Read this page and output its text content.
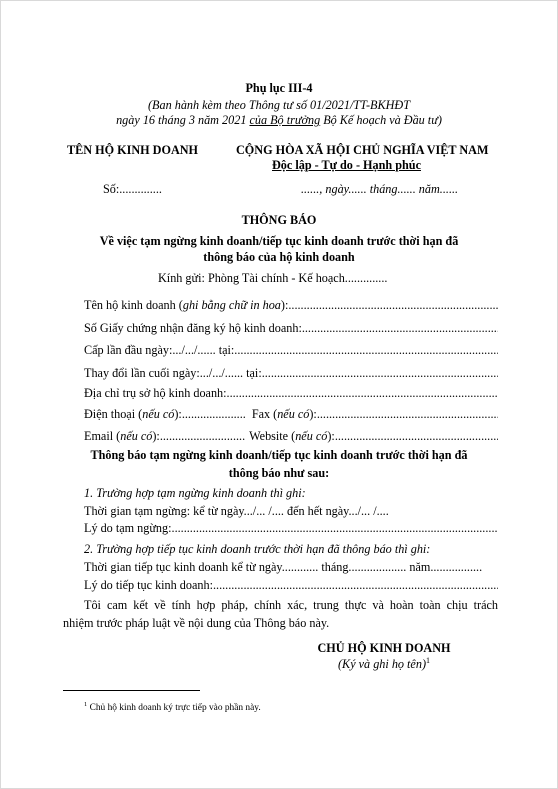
Phụ lục III-4
(Ban hành kèm theo Thông tư số 01/2021/TT-BKHĐT
ngày 16 tháng 3 năm 2021 của Bộ trưởng Bộ Kế hoạch và Đầu tư)
TÊN HỘ KINH DOANH
Số:..............
CỘNG HÒA XÃ HỘI CHỦ NGHĨA VIỆT NAM
Độc lập - Tự do - Hạnh phúc
......, ngày...... tháng...... năm......
THÔNG BÁO
Về việc tạm ngừng kinh doanh/tiếp tục kinh doanh trước thời hạn đã
thông báo của hộ kinh doanh
Kính gửi: Phòng Tài chính - Kế hoạch..............
Tên hộ kinh doanh (ghi bằng chữ in hoa):
.....
Số Giấy chứng nhận đăng ký hộ kinh doanh:
.....
Cấp lần đầu ngày:.../.../...... tại:
.....
Thay đổi lần cuối ngày:.../.../...... tại:
.....
Địa chỉ trụ sở hộ kinh doanh:
.....
Điện thoại (nếu có):..................... Fax (nếu có):
.....
Email (nếu có):............................ Website (nếu có):
.....
Thông báo tạm ngừng kinh doanh/tiếp tục kinh doanh trước thời hạn đã
thông báo như sau:
1. Trường hợp tạm ngừng kinh doanh thì ghi:
Thời gian tạm ngừng: kể từ ngày.../... /.... đến hết ngày.../... /....
Lý do tạm ngừng:
.....
2. Trường hợp tiếp tục kinh doanh trước thời hạn đã thông báo thì ghi:
Thời gian tiếp tục kinh doanh kể từ ngày............ tháng................... năm.................
Lý do tiếp tục kinh doanh:
.....
Tôi cam kết về tính hợp pháp, chính xác, trung thực và hoàn toàn chịu trách
nhiệm trước pháp luật về nội dung của Thông báo này.
CHỦ HỘ KINH DOANH
(Ký và ghi họ tên)$^1$
$^1$ Chủ hộ kinh doanh ký trực tiếp vào phần này.
